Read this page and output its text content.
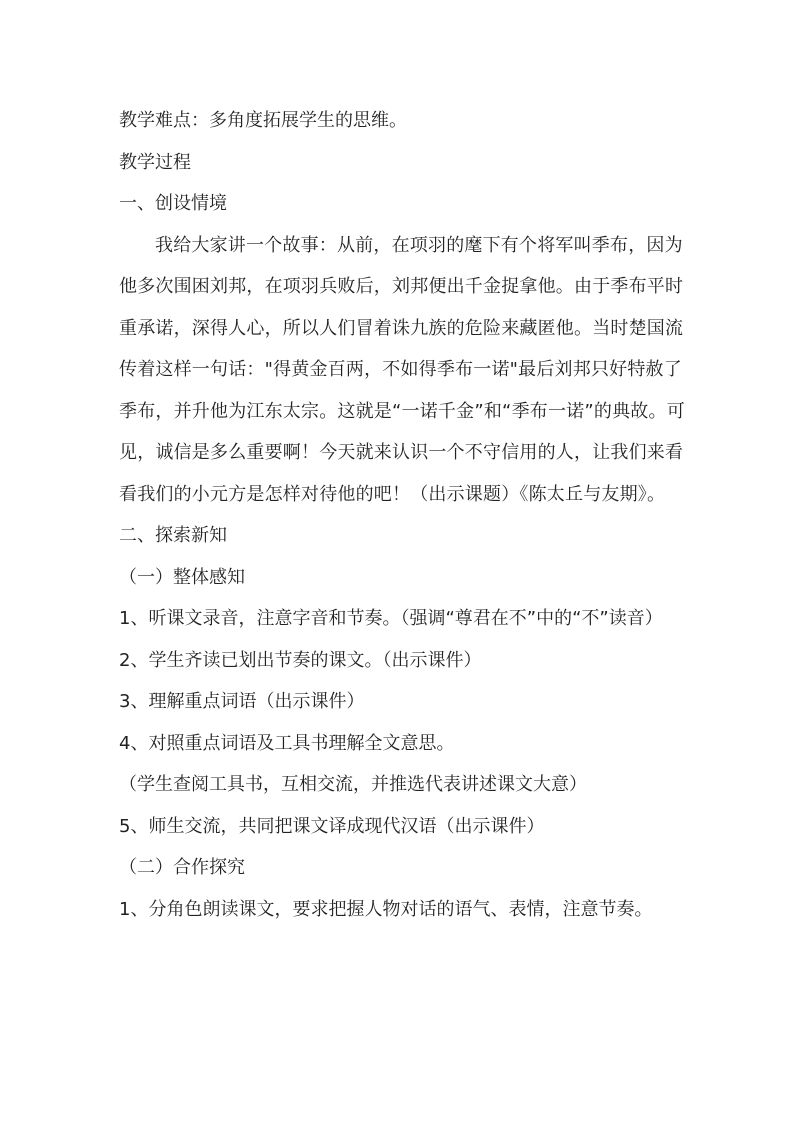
教学难点：多角度拓展学生的思维。

教学过程

一、创设情境

我给大家讲一个故事：从前，在项羽的麾下有个将军叫季布，因为他多次围困刘邦，在项羽兵败后，刘邦便出千金捉拿他。由于季布平时重承诺，深得人心，所以人们冒着诛九族的危险来藏匿他。当时楚国流传着这样一句话："得黄金百两，不如得季布一诺"最后刘邦只好特赦了季布，并升他为江东太宗。这就是“一诺千金”和“季布一诺”的典故。可见，诚信是多么重要啊！今天就来认识一个不守信用的人，让我们来看看我们的小元方是怎样对待他的吧！（出示课题）《陈太丘与友期》。

二、探索新知

（一）整体感知

1、听课文录音，注意字音和节奏。（强调“尊君在不”中的“不”读音）

2、学生齐读已划出节奏的课文。（出示课件）

3、理解重点词语（出示课件）

4、对照重点词语及工具书理解全文意思。

（学生查阅工具书，互相交流，并推选代表讲述课文大意）

5、师生交流，共同把课文译成现代汉语（出示课件）

（二）合作探究

1、分角色朗读课文，要求把握人物对话的语气、表情，注意节奏。
